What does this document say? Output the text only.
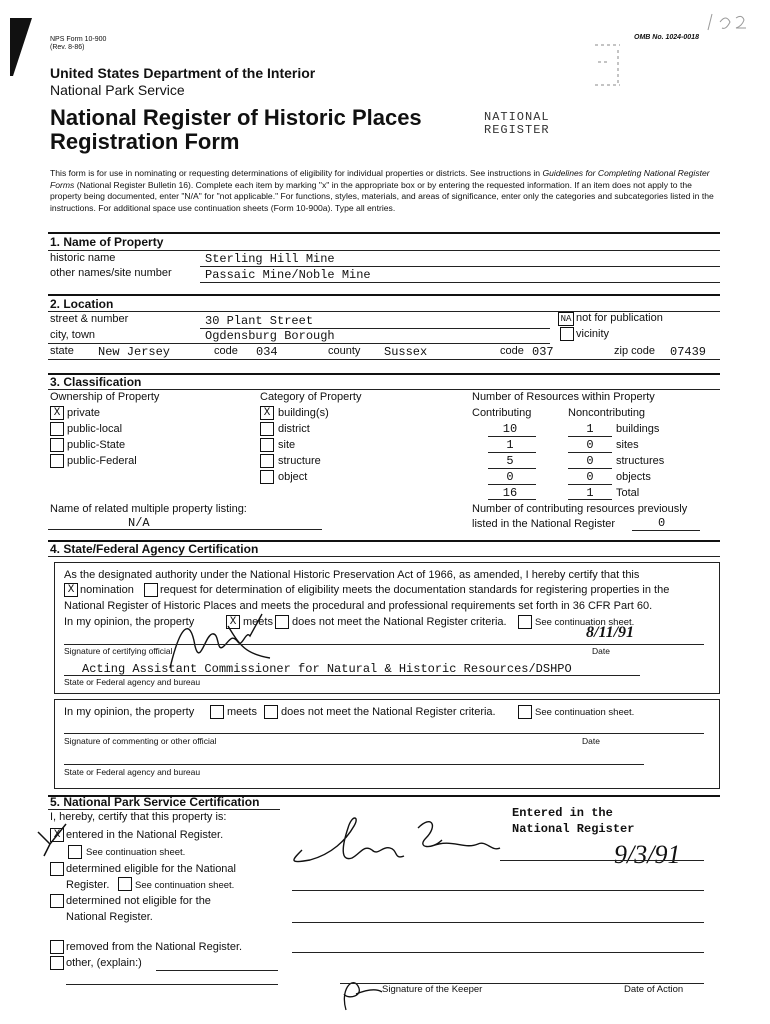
NPS Form 10-900
(Rev. 8-86)
OMB No. 1024-0018
United States Department of the Interior
National Park Service
National Register of Historic Places
Registration Form
NATIONAL
REGISTER
This form is for use in nominating or requesting determinations of eligibility for individual properties or districts. See instructions in Guidelines for Completing National Register Forms (National Register Bulletin 16). Complete each item by marking "x" in the appropriate box or by entering the requested information. If an item does not apply to the property being documented, enter "N/A" for "not applicable." For functions, styles, materials, and areas of significance, enter only the categories and subcategories listed in the instructions. For additional space use continuation sheets (Form 10-900a). Type all entries.
1. Name of Property
historic name	Sterling Hill Mine
other names/site number	Passaic Mine/Noble Mine
2. Location
street & number	30 Plant Street	NA not for publication
city, town	Ogdensburg Borough	vicinity
state New Jersey	code 034	county Sussex	code 037	zip code 07439
3. Classification
Ownership of Property	Category of Property	Number of Resources within Property
X private
public-local
public-State
public-Federal
X building(s)
district
site
structure
object
Contributing	Noncontributing
10	1	buildings
1	0	sites
5	0	structures
0	0	objects
16	1	Total
Name of related multiple property listing:
N/A
Number of contributing resources previously
listed in the National Register	0
4. State/Federal Agency Certification
As the designated authority under the National Historic Preservation Act of 1966, as amended, I hereby certify that this
X nomination request for determination of eligibility meets the documentation standards for registering properties in the
National Register of Historic Places and meets the procedural and professional requirements set forth in 36 CFR Part 60.
In my opinion, the property	X meets does not meet the National Register criteria.	See continuation sheet.
Signature of certifying official	Date
8/11/91
Acting Assistant Commissioner for Natural & Historic Resources/DSHPO
State or Federal agency and bureau
In my opinion, the property	meets does not meet the National Register criteria.	See continuation sheet.
Signature of commenting or other official	Date
State or Federal agency and bureau
5. National Park Service Certification
I, hereby, certify that this property is:
X entered in the National Register.
See continuation sheet.
determined eligible for the National
Register.	See continuation sheet.
determined not eligible for the
National Register.
removed from the National Register.
other, (explain:)
Entered in the
National Register
9/3/91
Signature of the Keeper	Date of Action
